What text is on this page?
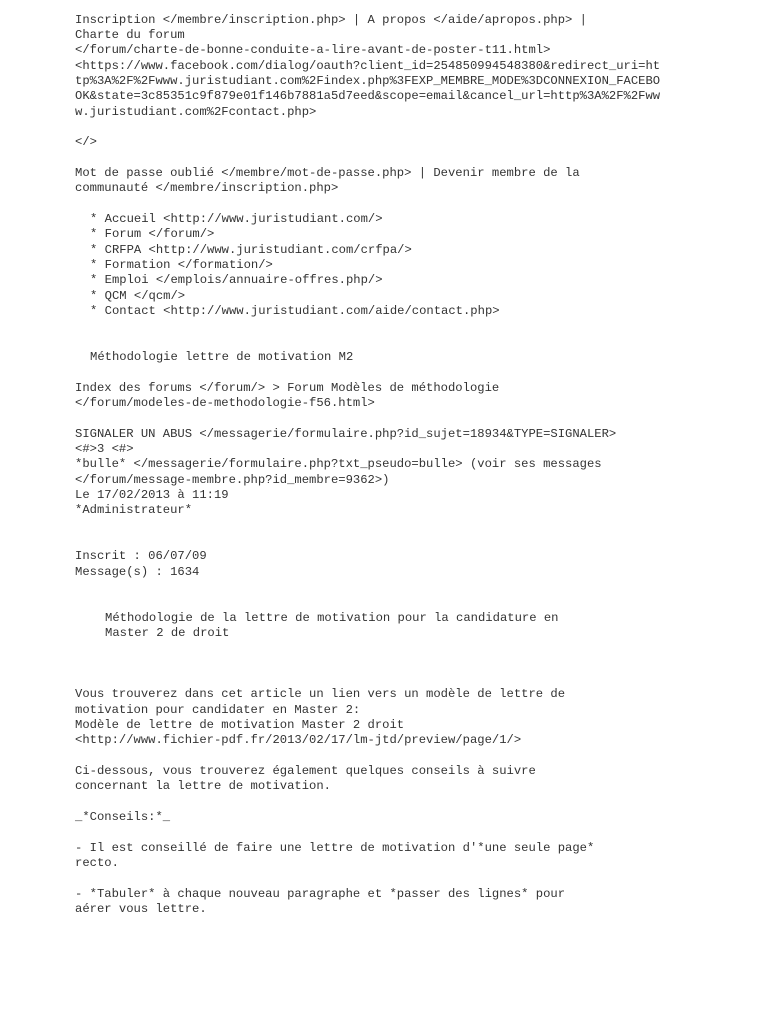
Inscription </membre/inscription.php> | A propos </aide/apropos.php> |
Charte du forum
</forum/charte-de-bonne-conduite-a-lire-avant-de-poster-t11.html>
<https://www.facebook.com/dialog/oauth?client_id=254850994548380&redirect_uri=ht
tp%3A%2F%2Fwww.juristudiant.com%2Findex.php%3FEXP_MEMBRE_MODE%3DCONNEXION_FACEBO
OK&state=3c85351c9f879e01f146b7881a5d7eed&scope=email&cancel_url=http%3A%2F%2Fww
w.juristudiant.com%2Fcontact.php>
</>
Mot de passe oublié </membre/mot-de-passe.php> | Devenir membre de la
communauté </membre/inscription.php>
* Accueil <http://www.juristudiant.com/>
* Forum </forum/>
* CRFPA <http://www.juristudiant.com/crfpa/>
* Formation </formation/>
* Emploi </emplois/annuaire-offres.php/>
* QCM </qcm/>
* Contact <http://www.juristudiant.com/aide/contact.php>
Méthodologie lettre de motivation M2
Index des forums </forum/> > Forum Modèles de méthodologie
</forum/modeles-de-methodologie-f56.html>
SIGNALER UN ABUS </messagerie/formulaire.php?id_sujet=18934&TYPE=SIGNALER>
<#>3 <#>
*bulle* </messagerie/formulaire.php?txt_pseudo=bulle> (voir ses messages
</forum/message-membre.php?id_membre=9362>)
Le 17/02/2013 à 11:19
*Administrateur*
Inscrit : 06/07/09
Message(s) : 1634
Méthodologie de la lettre de motivation pour la candidature en
Master 2 de droit
Vous trouverez dans cet article un lien vers un modèle de lettre de
motivation pour candidater en Master 2:
Modèle de lettre de motivation Master 2 droit
<http://www.fichier-pdf.fr/2013/02/17/lm-jtd/preview/page/1/>
Ci-dessous, vous trouverez également quelques conseils à suivre
concernant la lettre de motivation.
_*Conseils:*_
- Il est conseillé de faire une lettre de motivation d'*une seule page*
recto.
- *Tabuler* à chaque nouveau paragraphe et *passer des lignes* pour
aérer vous lettre.
